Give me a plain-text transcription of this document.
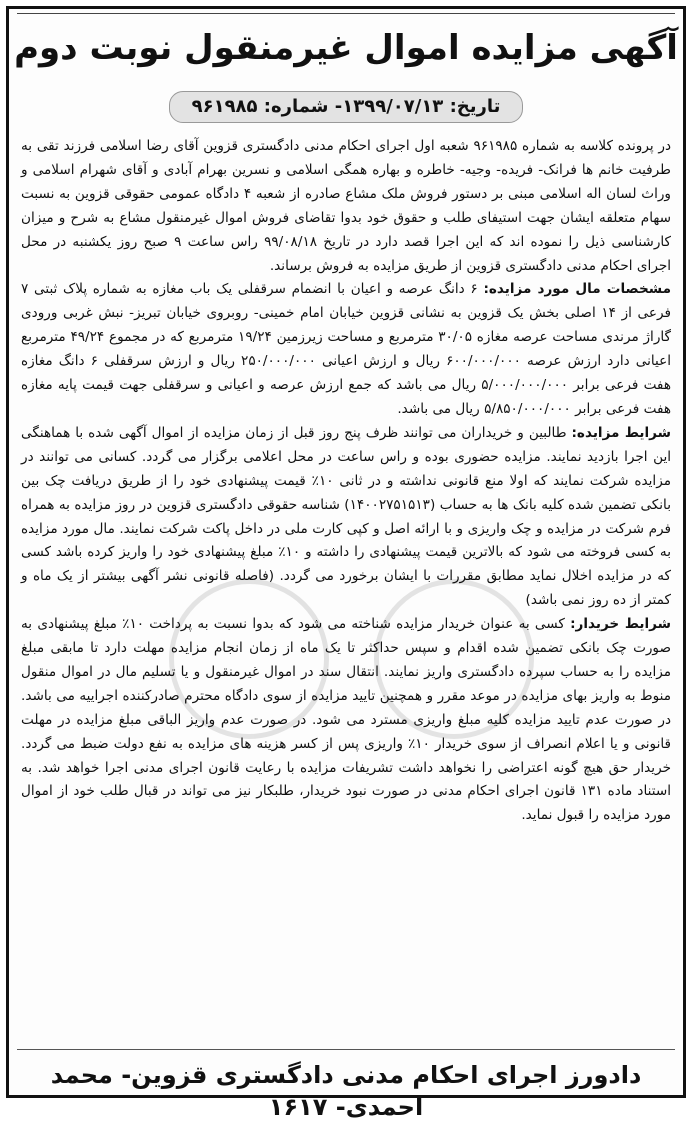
آگهی مزایده اموال غیرمنقول نوبت دوم
تاریخ: ۱۳۹۹/۰۷/۱۳- شماره: ۹۶۱۹۸۵

در پرونده کلاسه به شماره ۹۶۱۹۸۵ شعبه اول اجرای احکام مدنی دادگستری قزوین آقای رضا اسلامی فرزند تقی به طرفیت خانم ها فرانک- فریده- وجیه- خاطره و بهاره همگی اسلامی و نسرین بهرام آبادی و آقای شهرام اسلامی و وراث لسان اله اسلامی مبنی بر دستور فروش ملک مشاع صادره از شعبه ۴ دادگاه عمومی حقوقی قزوین به نسبت سهام متعلقه ایشان جهت استیفای طلب و حقوق خود بدوا تقاضای فروش اموال غیرمنقول مشاع به شرح و میزان کارشناسی ذیل را نموده اند که این اجرا قصد دارد در تاریخ ۹۹/۰۸/۱۸ راس ساعت ۹ صبح روز یکشنبه در محل اجرای احکام مدنی دادگستری قزوین از طریق مزایده به فروش برساند.

مشخصات مال مورد مزایده: ۶ دانگ عرصه و اعیان با انضمام سرقفلی یک باب مغازه به شماره پلاک ثبتی ۷ فرعی از ۱۴ اصلی بخش یک قزوین به نشانی قزوین خیابان امام خمینی- روبروی خیابان تبریز- نبش غربی ورودی گاراژ مرندی مساحت عرصه مغازه ۳۰/۰۵ مترمربع و مساحت زیرزمین ۱۹/۲۴ مترمربع که در مجموع ۴۹/۲۴ مترمربع اعیانی دارد ارزش عرصه ۶۰۰/۰۰۰/۰۰۰ ریال و ارزش اعیانی ۲۵۰/۰۰۰/۰۰۰ ریال و ارزش سرقفلی ۶ دانگ مغازه هفت فرعی برابر ۵/۰۰۰/۰۰۰/۰۰۰ ریال می باشد که جمع ارزش عرصه و اعیانی و سرقفلی جهت قیمت پایه مغازه هفت فرعی برابر ۵/۸۵۰/۰۰۰/۰۰۰ ریال می باشد.

شرایط مزایده: طالبین و خریداران می توانند ظرف پنج روز قبل از زمان مزایده از اموال آگهی شده با هماهنگی این اجرا بازدید نمایند. مزایده حضوری بوده و راس ساعت در محل اعلامی برگزار می گردد. کسانی می توانند در مزایده شرکت نمایند که اولا منع قانونی نداشته و در ثانی ۱۰٪ قیمت پیشنهادی خود را از طریق دریافت چک بین بانکی تضمین شده کلیه بانک ها به حساب (۱۴۰۰۲۷۵۱۵۱۳) شناسه حقوقی دادگستری قزوین در روز مزایده به همراه فرم شرکت در مزایده و چک واریزی و با ارائه اصل و کپی کارت ملی در داخل پاکت شرکت نمایند. مال مورد مزایده به کسی فروخته می شود که بالاترین قیمت پیشنهادی را داشته و ۱۰٪ مبلغ پیشنهادی خود را واریز کرده باشد کسی که در مزایده اخلال نماید مطابق مقررات با ایشان برخورد می گردد. (فاصله قانونی نشر آگهی بیشتر از یک ماه و کمتر از ده روز نمی باشد)

شرایط خریدار: کسی به عنوان خریدار مزایده شناخته می شود که بدوا نسبت به پرداخت ۱۰٪ مبلغ پیشنهادی به صورت چک بانکی تضمین شده اقدام و سپس حداکثر تا یک ماه از زمان انجام مزایده مهلت دارد تا مابقی مبلغ مزایده را به حساب سپرده دادگستری واریز نمایند. انتقال سند در اموال غیرمنقول و یا تسلیم مال در اموال منقول منوط به واریز بهای مزایده در موعد مقرر و همچنین تایید مزایده از سوی دادگاه محترم صادرکننده اجراییه می باشد. در صورت عدم تایید مزایده کلیه مبلغ واریزی مسترد می شود. در صورت عدم واریز الباقی مبلغ مزایده در مهلت قانونی و یا اعلام انصراف از سوی خریدار ۱۰٪ واریزی پس از کسر هزینه های مزایده به نفع دولت ضبط می گردد. خریدار حق هیچ گونه اعتراضی را نخواهد داشت تشریفات مزایده با رعایت قانون اجرای مدنی اجرا خواهد شد. به استناد ماده ۱۳۱ قانون اجرای احکام مدنی در صورت نبود خریدار، طلبکار نیز می تواند در قبال طلب خود از اموال مورد مزایده را قبول نماید.

دادورز اجرای احکام مدنی دادگستری قزوین- محمد احمدی- ۱۶۱۷
